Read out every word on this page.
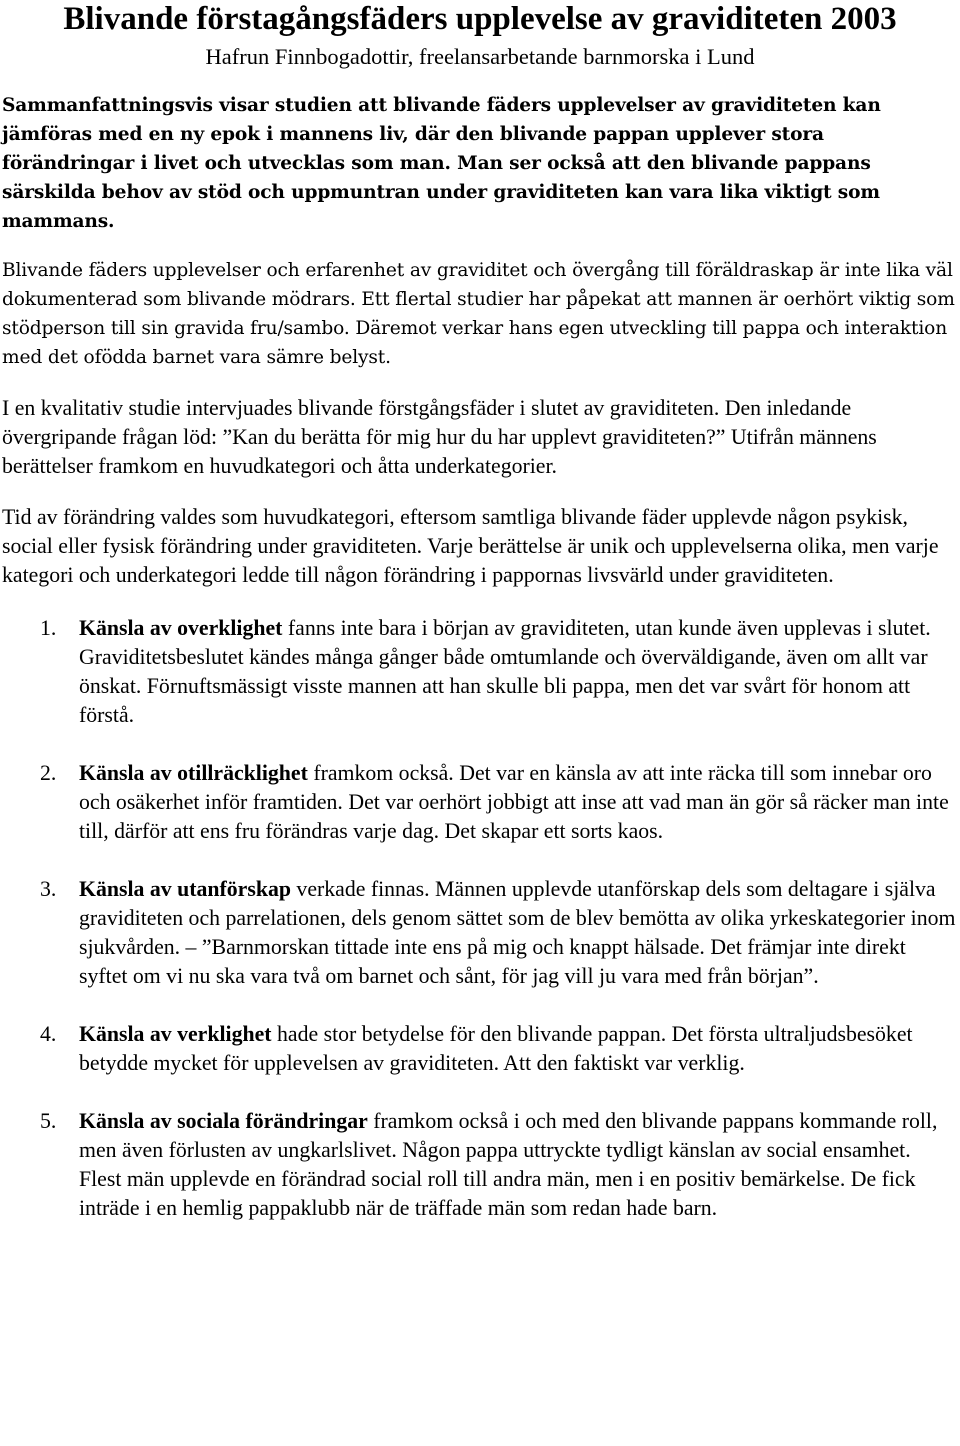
Blivande förstagångsfäders upplevelse av graviditeten 2003
Hafrun Finnbogadottir, freelansarbetande barnmorska i Lund

Sammanfattningsvis visar studien att blivande fäders upplevelser av graviditeten kan jämföras med en ny epok i mannens liv, där den blivande pappan upplever stora förändringar i livet och utvecklas som man. Man ser också att den blivande pappans särskilda behov av stöd och uppmuntran under graviditeten kan vara lika viktigt som mammans.

Blivande fäders upplevelser och erfarenhet av graviditet och övergång till föräldraskap är inte lika väl dokumenterad som blivande mödrars. Ett flertal studier har påpekat att mannen är oerhört viktig som stödperson till sin gravida fru/sambo. Däremot verkar hans egen utveckling till pappa och interaktion med det ofödda barnet vara sämre belyst.

I en kvalitativ studie intervjuades blivande förstgångsfäder i slutet av graviditeten. Den inledande övergripande frågan löd: ”Kan du berätta för mig hur du har upplevt graviditeten?” Utifrån männens berättelser framkom en huvudkategori och åtta underkategorier.

Tid av förändring valdes som huvudkategori, eftersom samtliga blivande fäder upplevde någon psykisk, social eller fysisk förändring under graviditeten. Varje berättelse är unik och upplevelserna olika, men varje kategori och underkategori ledde till någon förändring i pappornas livsvärld under graviditeten.

1. Känsla av overklighet fanns inte bara i början av graviditeten, utan kunde även upplevas i slutet. Graviditetsbeslutet kändes många gånger både omtumlande och överväldigande, även om allt var önskat. Förnuftsmässigt visste mannen att han skulle bli pappa, men det var svårt för honom att förstå.
2. Känsla av otillräcklighet framkom också. Det var en känsla av att inte räcka till som innebar oro och osäkerhet inför framtiden. Det var oerhört jobbigt att inse att vad man än gör så räcker man inte till, därför att ens fru förändras varje dag. Det skapar ett sorts kaos.
3. Känsla av utanförskap verkade finnas. Männen upplevde utanförskap dels som deltagare i själva graviditeten och parrelationen, dels genom sättet som de blev bemötta av olika yrkeskategorier inom sjukvården. – ”Barnmorskan tittade inte ens på mig och knappt hälsade. Det främjar inte direkt syftet om vi nu ska vara två om barnet och sånt, för jag vill ju vara med från början”.
4. Känsla av verklighet hade stor betydelse för den blivande pappan. Det första ultraljudsbesöket betydde mycket för upplevelsen av graviditeten. Att den faktiskt var verklig.
5. Känsla av sociala förändringar framkom också i och med den blivande pappans kommande roll, men även förlusten av ungkarlslivet. Någon pappa uttryckte tydligt känslan av social ensamhet. Flest män upplevde en förändrad social roll till andra män, men i en positiv bemärkelse. De fick inträde i en hemlig pappaklubb när de träffade män som redan hade barn.
